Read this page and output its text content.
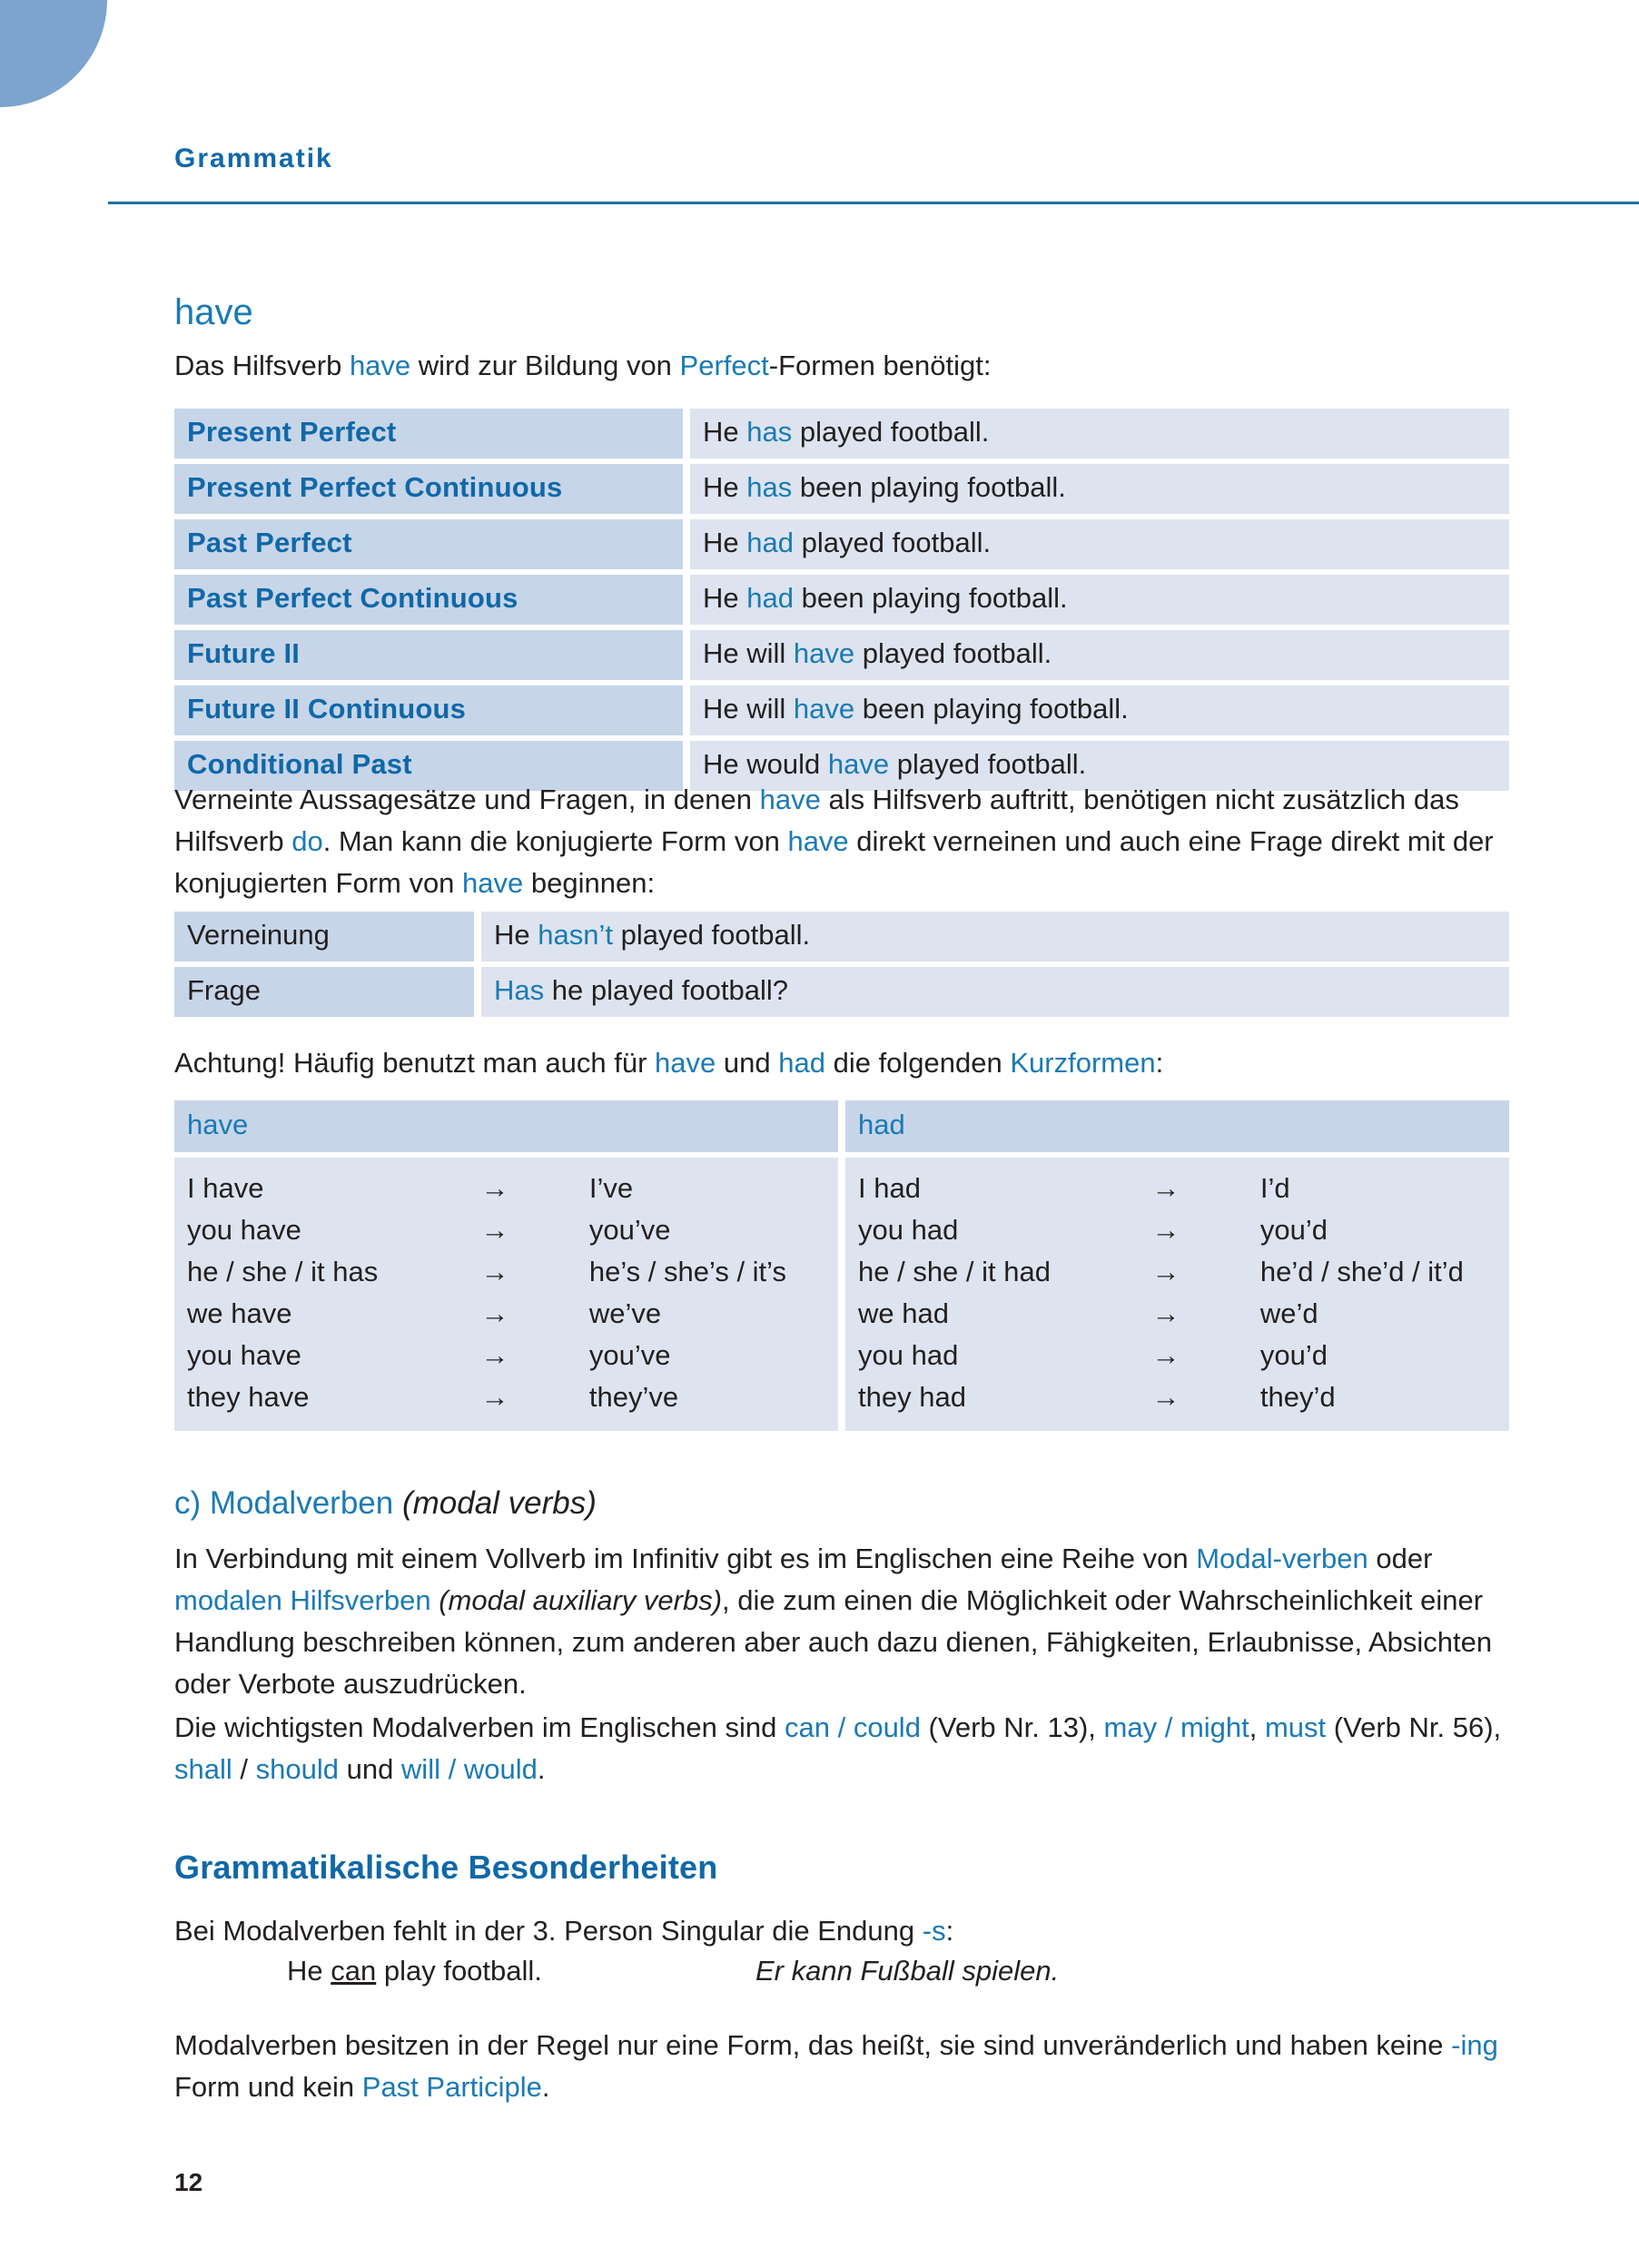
Grammatik
have

Das Hilfsverb have wird zur Bildung von Perfect-Formen benötigt:

Present Perfect		He has played football.

Present Perfect Continuous		He has been playing football.

Past Perfect		He had played football.

Past Perfect Continuous		He had been playing football.

Future II		He will have played football.

Future II Continuous		He will have been playing football.

Conditional Past		He would have played football.

Verneinte Aussagesätze und Fragen, in denen have als Hilfsverb auftritt, benötigen nicht zusätzlich das Hilfsverb do. Man kann die konjugierte Form von have direkt verneinen und auch eine Frage direkt mit der konjugierten Form von have beginnen:

Verneinung		He hasn’t played football.

Frage		Has he played football?

Achtung! Häufig benutzt man auch für have und had die folgenden Kurzformen:

have		had

I have	→	I’ve
you have	→	you’ve
he / she / it has	→	he’s / she’s / it’s
we have	→	we’ve
you have	→	you’ve
they have	→	they’ve

I had	→	I’d
you had	→	you’d
he / she / it had	→	he’d / she’d / it’d
we had	→	we’d
you had	→	you’d
they had	→	they’d
c) Modalverben (modal verbs)

In Verbindung mit einem Vollverb im Infinitiv gibt es im Englischen eine Reihe von Modal-verben oder modalen Hilfsverben (modal auxiliary verbs), die zum einen die Möglichkeit oder Wahrscheinlichkeit einer Handlung beschreiben können, zum anderen aber auch dazu dienen, Fähigkeiten, Erlaubnisse, Absichten oder Verbote auszudrücken.

Die wichtigsten Modalverben im Englischen sind can / could (Verb Nr. 13), may / might, must (Verb Nr. 56), shall / should und will / would.

Grammatikalische Besonderheiten

Bei Modalverben fehlt in der 3. Person Singular die Endung -s:

He can play football.	Er kann Fußball spielen.

Modalverben besitzen in der Regel nur eine Form, das heißt, sie sind unveränderlich und haben keine -ing Form und kein Past Participle.

12
